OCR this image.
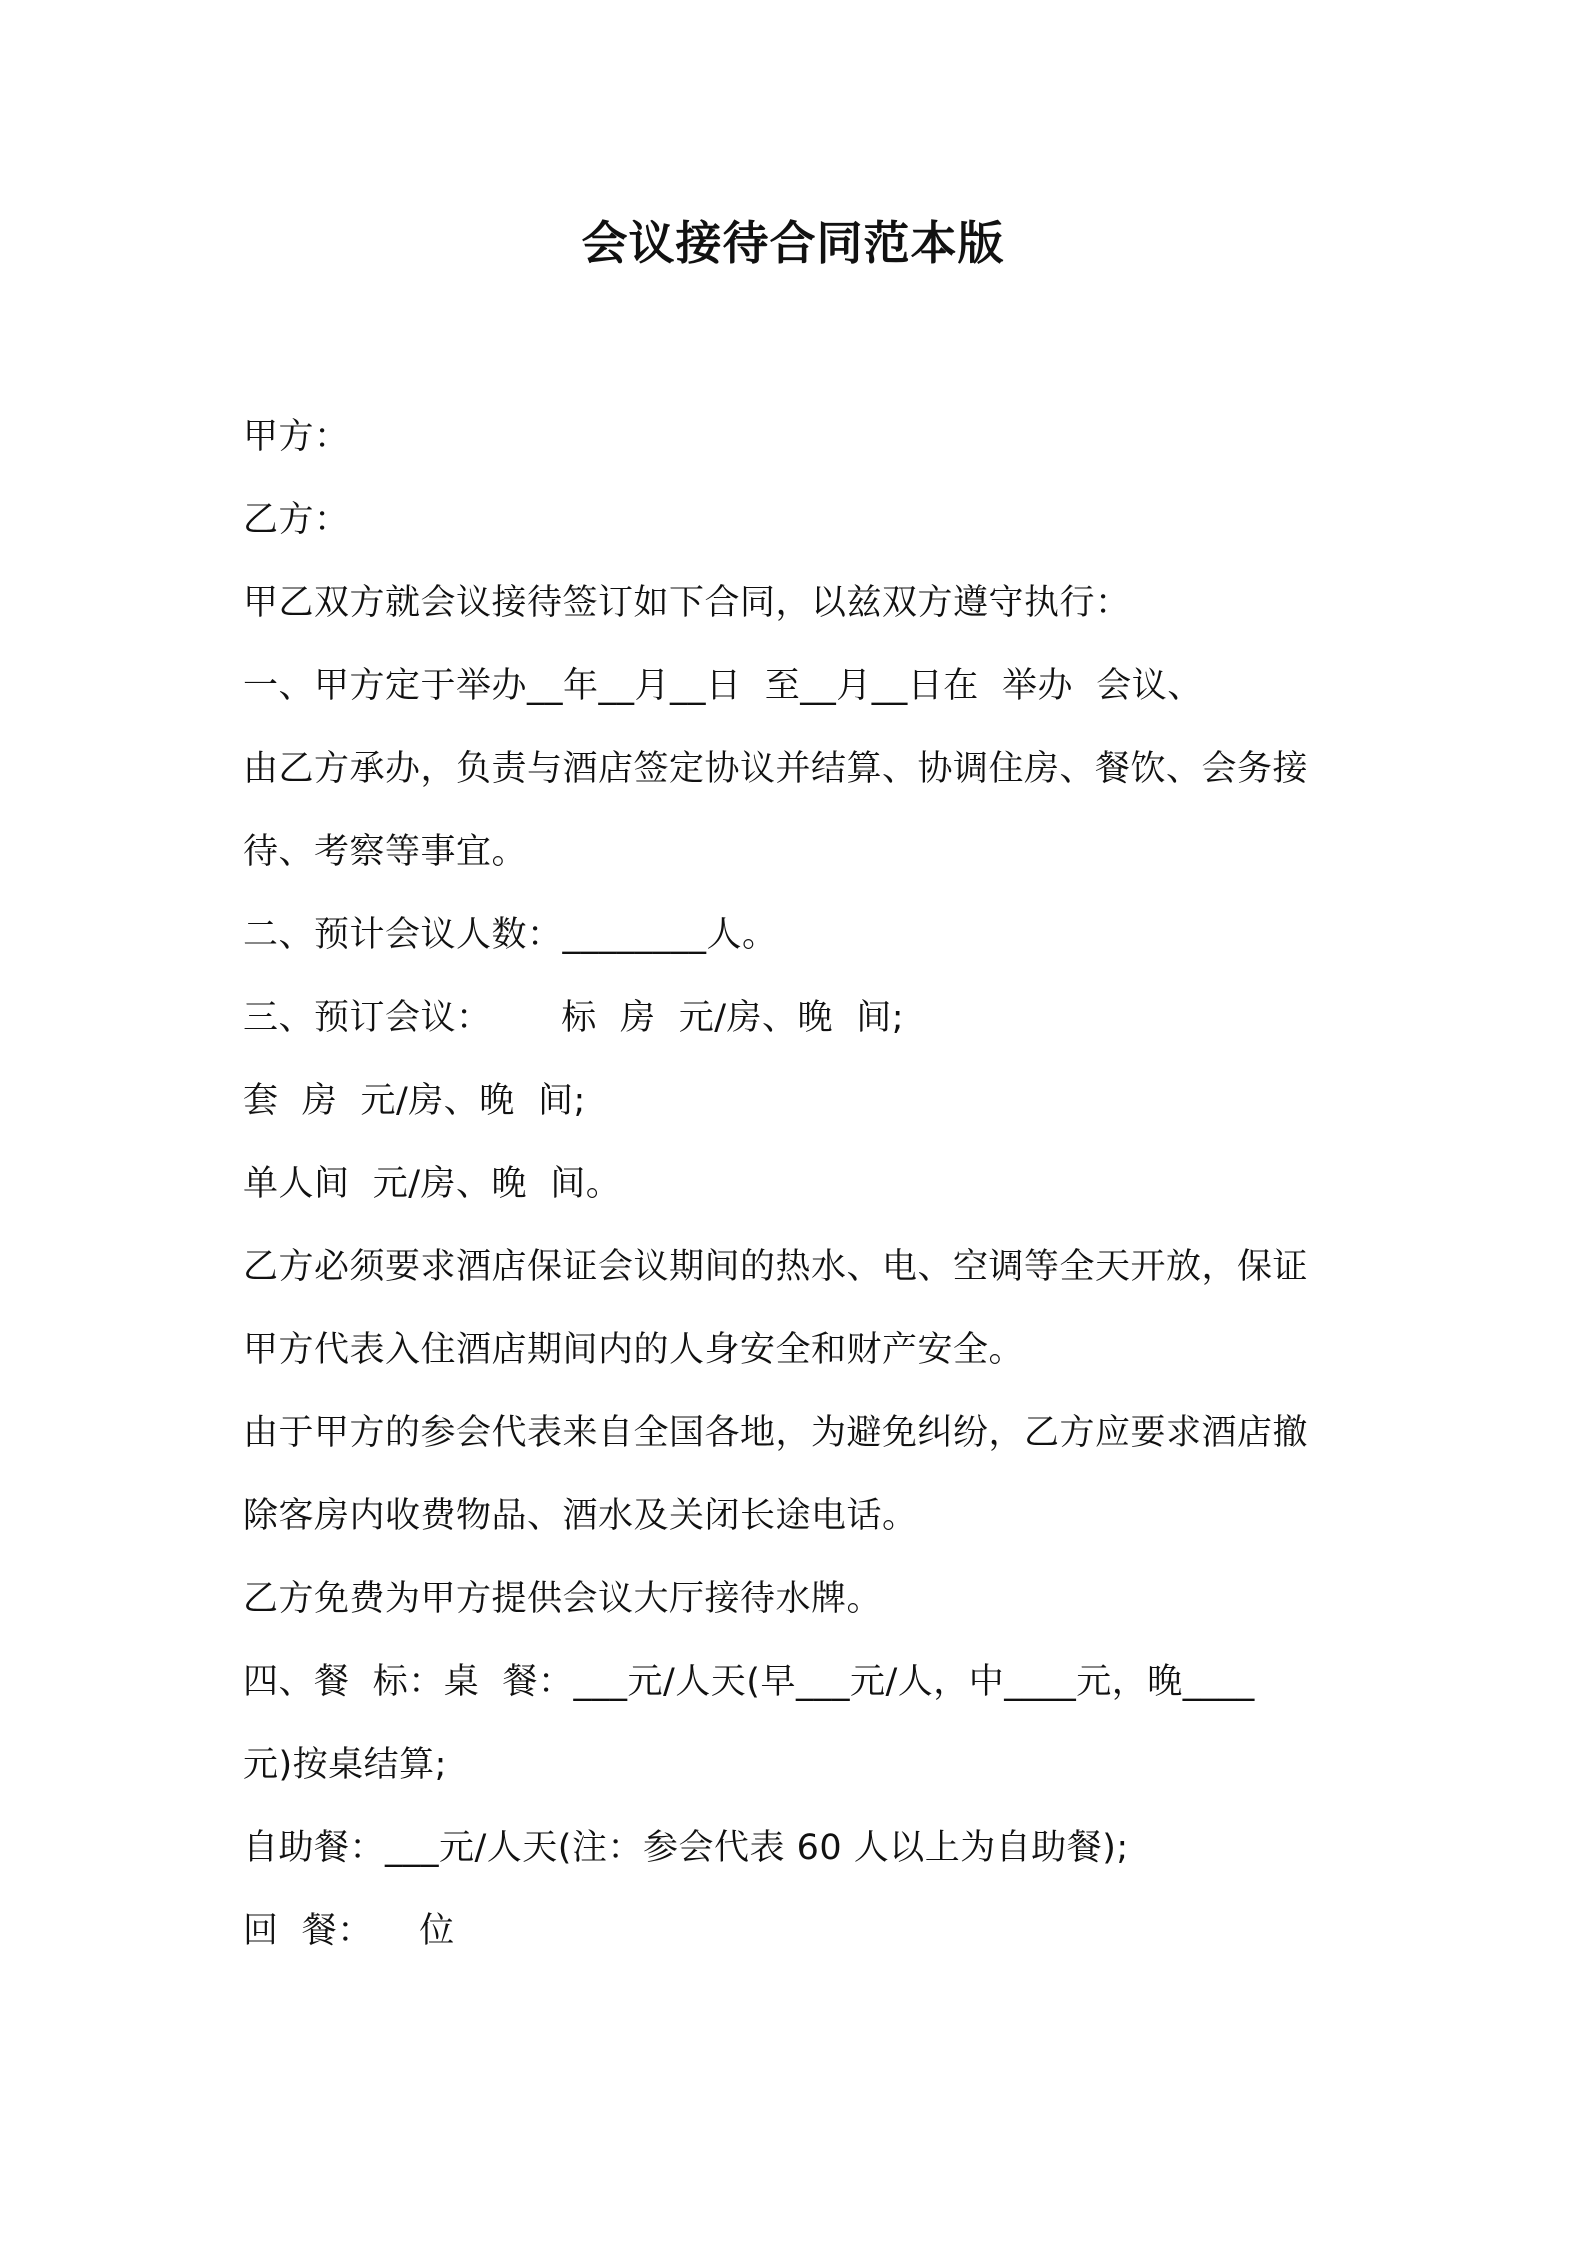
会议接待合同范本版

甲方：

乙方：

甲乙双方就会议接待签订如下合同，以兹双方遵守执行：

一、甲方定于举办__年__月__日  至__月__日在  举办  会议、

由乙方承办，负责与酒店签定协议并结算、协调住房、餐饮、会务接

待、考察等事宜。

二、预计会议人数：________人。

三、预订会议：      标  房  元/房、晚  间;

套  房  元/房、晚  间;

单人间  元/房、晚  间。

乙方必须要求酒店保证会议期间的热水、电、空调等全天开放，保证

甲方代表入住酒店期间内的人身安全和财产安全。

由于甲方的参会代表来自全国各地，为避免纠纷，乙方应要求酒店撤

除客房内收费物品、酒水及关闭长途电话。

乙方免费为甲方提供会议大厅接待水牌。

四、餐  标：桌  餐：___元/人天(早___元/人，中____元，晚____

元)按桌结算;

自助餐：___元/人天(注：参会代表 60 人以上为自助餐);

回  餐：    位
